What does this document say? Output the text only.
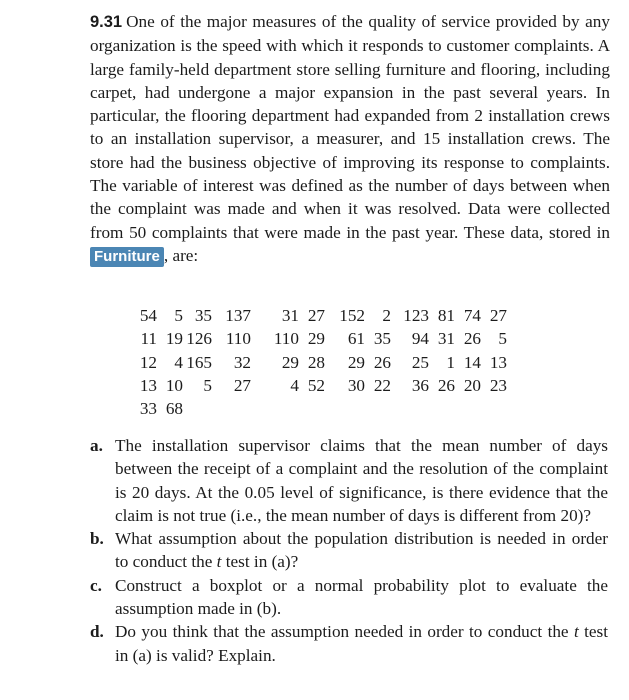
9.31 One of the major measures of the quality of service provided by any organization is the speed with which it responds to customer complaints. A large family-held department store selling furniture and flooring, including carpet, had undergone a major expansion in the past several years. In particular, the flooring department had expanded from 2 installation crews to an installation supervisor, a measurer, and 15 installation crews. The store had the business objective of improving its response to complaints. The variable of interest was defined as the number of days between when the complaint was made and when it was resolved. Data were collected from 50 complaints that were made in the past year. These data, stored in Furniture , are:

54	5	35	137	31	27	152	2	123	81	74	27
11	19	126	110	110	29	61	35	94	31	26	5
12	4	165	32	29	28	29	26	25	1	14	13
13	10	5	27	4	52	30	22	36	26	20	23
33	68										
a. The installation supervisor claims that the mean number of days between the receipt of a complaint and the resolution of the complaint is 20 days. At the 0.05 level of significance, is there evidence that the claim is not true (i.e., the mean number of days is different from 20)?
b. What assumption about the population distribution is needed in order to conduct the t test in (a)?
c. Construct a boxplot or a normal probability plot to evaluate the assumption made in (b).
d. Do you think that the assumption needed in order to conduct the t test in (a) is valid? Explain.
